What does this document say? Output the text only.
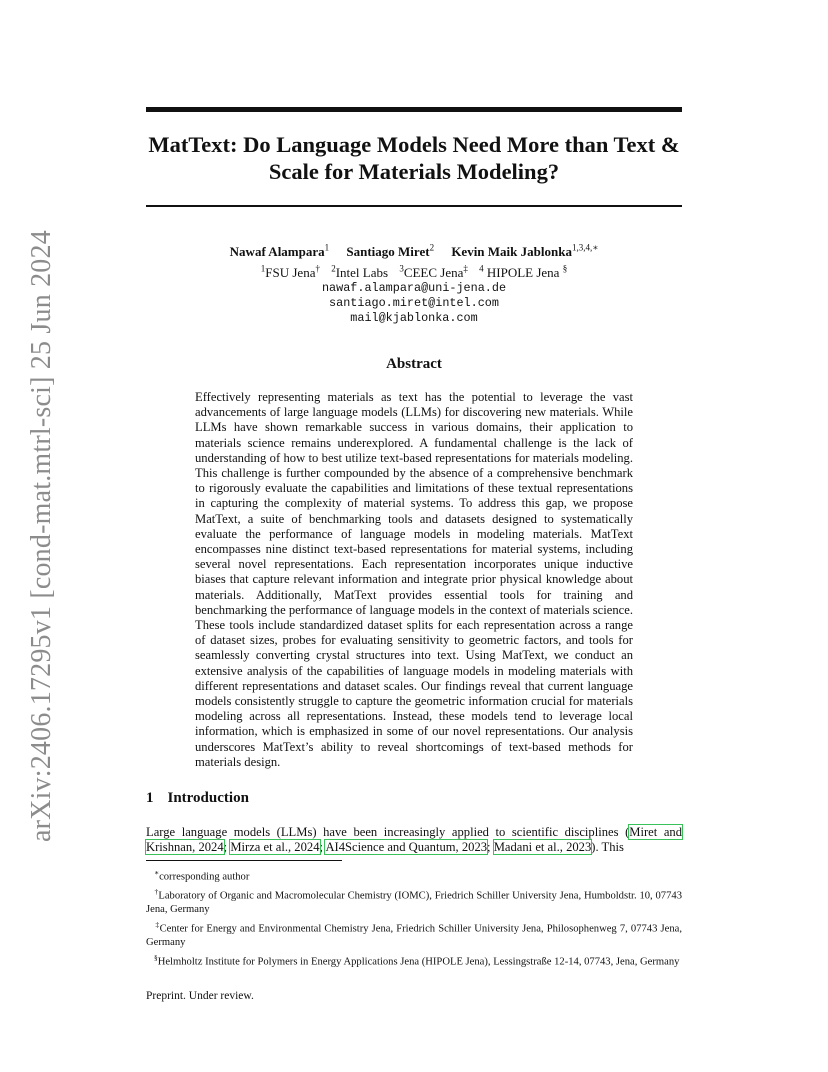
arXiv:2406.17295v1 [cond-mat.mtrl-sci] 25 Jun 2024
MatText: Do Language Models Need More than Text & Scale for Materials Modeling?
Nawaf Alampara$^1$ Santiago Miret$^2$ Kevin Maik Jablonka$^{1,3,4,∗}$
$^1$FSU Jena† $^2$Intel Labs $^3$CEEC Jena‡ $^4$ HIPOLE Jena §
nawaf.alampara@uni-jena.de
santiago.miret@intel.com
mail@kjablonka.com
Abstract
Effectively representing materials as text has the potential to leverage the vast advancements of large language models (LLMs) for discovering new materials. While LLMs have shown remarkable success in various domains, their application to materials science remains underexplored. A fundamental challenge is the lack of understanding of how to best utilize text-based representations for materials modeling. This challenge is further compounded by the absence of a comprehensive benchmark to rigorously evaluate the capabilities and limitations of these textual representations in capturing the complexity of material systems. To address this gap, we propose MatText, a suite of benchmarking tools and datasets designed to systematically evaluate the performance of language models in modeling materials. MatText encompasses nine distinct text-based representations for material systems, including several novel representations. Each representation incorporates unique inductive biases that capture relevant information and integrate prior physical knowledge about materials. Additionally, MatText provides essential tools for training and benchmarking the performance of language models in the context of materials science. These tools include standardized dataset splits for each representation across a range of dataset sizes, probes for evaluating sensitivity to geometric factors, and tools for seamlessly converting crystal structures into text. Using MatText, we conduct an extensive analysis of the capabilities of language models in modeling materials with different representations and dataset scales. Our findings reveal that current language models consistently struggle to capture the geometric information crucial for materials modeling across all representations. Instead, these models tend to leverage local information, which is emphasized in some of our novel representations. Our analysis underscores MatText’s ability to reveal shortcomings of text-based methods for materials design.
1 Introduction
Large language models (LLMs) have been increasingly applied to scientific disciplines (Miret and Krishnan, 2024; Mirza et al., 2024; AI4Science and Quantum, 2023; Madani et al., 2023). This

∗corresponding author

†Laboratory of Organic and Macromolecular Chemistry (IOMC), Friedrich Schiller University Jena, Humboldstr. 10, 07743 Jena, Germany

‡Center for Energy and Environmental Chemistry Jena, Friedrich Schiller University Jena, Philosophenweg 7, 07743 Jena, Germany

§Helmholtz Institute for Polymers in Energy Applications Jena (HIPOLE Jena), Lessingstraße 12-14, 07743, Jena, Germany

Preprint. Under review.
